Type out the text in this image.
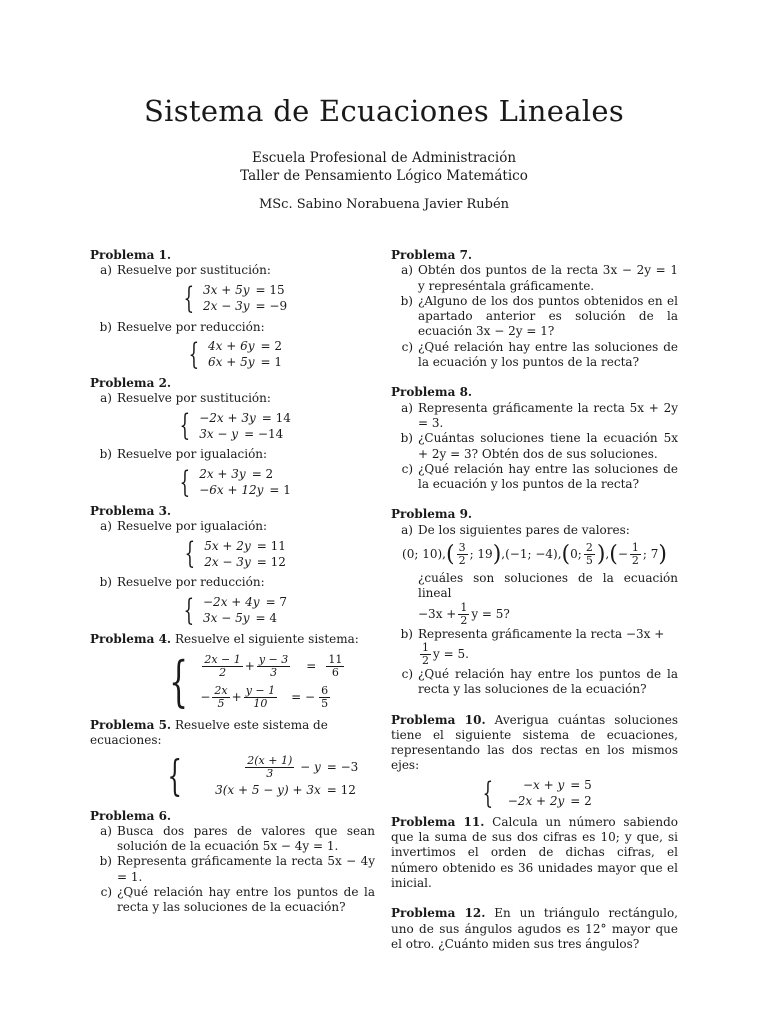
Sistema de Ecuaciones Lineales
Escuela Profesional de Administración
Taller de Pensamiento Lógico Matemático
MSc. Sabino Norabuena Javier Rubén
Problema 1.
a) Resuelve por sustitución:
{ 3x + 5y = 15
2x − 3y = −9
b) Resuelve por reducción:
{ 4x + 6y = 2
6x + 5y = 1
Problema 2.
a) Resuelve por sustitución:
{ −2x + 3y = 14
3x − y = −14
b) Resuelve por igualación:
{ 2x + 3y = 2
−6x + 12y = 1
Problema 3.
a) Resuelve por igualación:
{ 5x + 2y = 11
2x − 3y = 12
b) Resuelve por reducción:
{ −2x + 4y = 7
3x − 5y = 4
Problema 4. Resuelve el siguiente sistema:
{	$\frac{2x - 1}{2} + \frac{y - 3}{3}$	= $\frac{11}{6}$
− $\frac{2x}{5} + \frac{y - 1}{10}$	= − $\frac{6}{5}$
Problema 5. Resuelve este sistema de ecuaciones:
{	$\frac{2(x + 1)}{3} - y = -3$
3(x + 5 − y) + 3x = 12
Problema 6.
a) Busca dos pares de valores que sean solución de la ecuación 5x − 4y = 1.
b) Representa gráficamente la recta 5x − 4y = 1.
c) ¿Qué relación hay entre los puntos de la recta y las soluciones de la ecuación?
Problema 7.
a) Obtén dos puntos de la recta 3x − 2y = 1 y represéntala gráficamente.
b) ¿Alguno de los dos puntos obtenidos en el apartado anterior es solución de la ecuación 3x − 2y = 1?
c) ¿Qué relación hay entre las soluciones de la ecuación y los puntos de la recta?
Problema 8.
a) Representa gráficamente la recta 5x + 2y = 3.
b) ¿Cuántas soluciones tiene la ecuación 5x + 2y = 3? Obtén dos de sus soluciones.
c) ¿Qué relación hay entre las soluciones de la ecuación y los puntos de la recta?
Problema 9.
a) De los siguientes pares de valores:
(0; $10),( \frac{3}{2}$ ; 19),(−1; −4),(0; $\frac{2}{5}$ ),(− $\frac{1}{2}$ ; 7)
¿cuáles son soluciones de la ecuación lineal
$-3x + \frac{1}{2}$ y = 5?
b) Representa gráficamente la recta −3x +
$\frac{1}{2}$ y = 5.
c) ¿Qué relación hay entre los puntos de la recta y las soluciones de la ecuación?
Problema 10. Averigua cuántas soluciones tiene el siguiente sistema de ecuaciones, representando las dos rectas en los mismos ejes:
{	−x + y = 5
−2x + 2y = 2
Problema 11. Calcula un número sabiendo que la suma de sus dos cifras es 10; y que, si invertimos el orden de dichas cifras, el número obtenido es 36 unidades mayor que el inicial.
Problema 12. En un triángulo rectángulo, uno de sus ángulos agudos es 12° mayor que el otro. ¿Cuánto miden sus tres ángulos?
